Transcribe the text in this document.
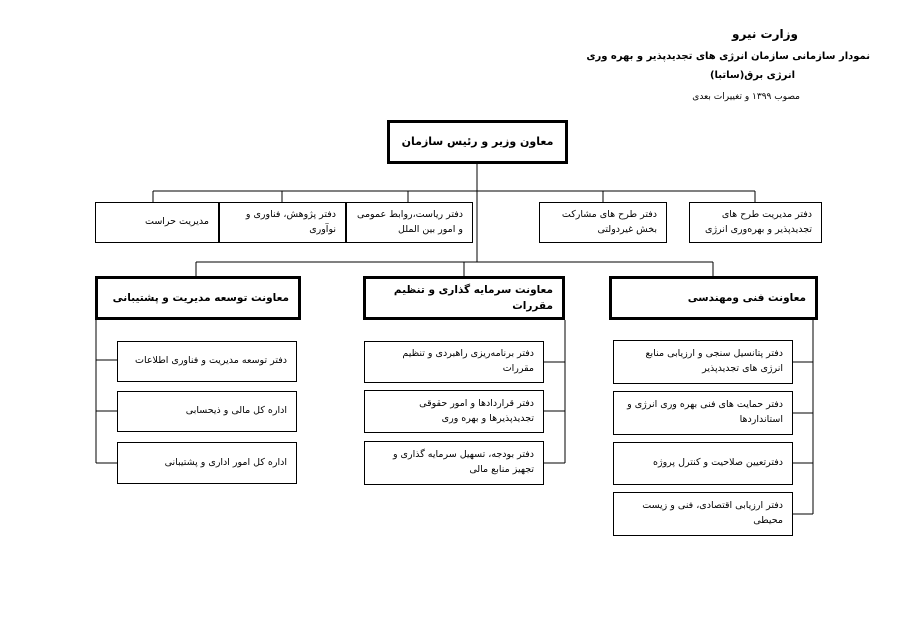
وزارت نیرو
نمودار سازمانی سازمان انرژی های تجدیدپذیر و بهره وری
انرژی برق(ساتبا)
مصوب ۱۳۹۹ و تغییرات بعدی
معاون وزیر و رئیس سازمان
دفتر مدیریت طرح های تجدیدپذیر و بهره‌وری انرژی
دفتر طرح های مشارکت بخش غیردولتی
دفتر ریاست،روابط عمومی و امور بین الملل
دفتر پژوهش، فناوری و نوآوری
مدیریت حراست
معاونت فنی ومهندسی
معاونت سرمایه گذاری و تنظیم مقررات
معاونت توسعه مدیریت و پشتیبانی
دفتر پتانسیل سنجی و ارزیابی منابع انرژی های تجدیدپذیر
دفتر حمایت های فنی بهره وری انرژی و استانداردها
دفترتعیین صلاحیت و کنترل پروژه
دفتر ارزیابی اقتصادی، فنی و زیست محیطی
دفتر برنامه‌ریزی راهبردی و تنظیم مقررات
دفتر قراردادها و امور حقوقی تجدیدپذیرها و بهره وری
دفتر بودجه، تسهیل سرمایه گذاری و تجهیز منابع مالی
دفتر توسعه مدیریت و فناوری اطلاعات
اداره کل مالی و ذیحسابی
اداره کل امور اداری و پشتیبانی
